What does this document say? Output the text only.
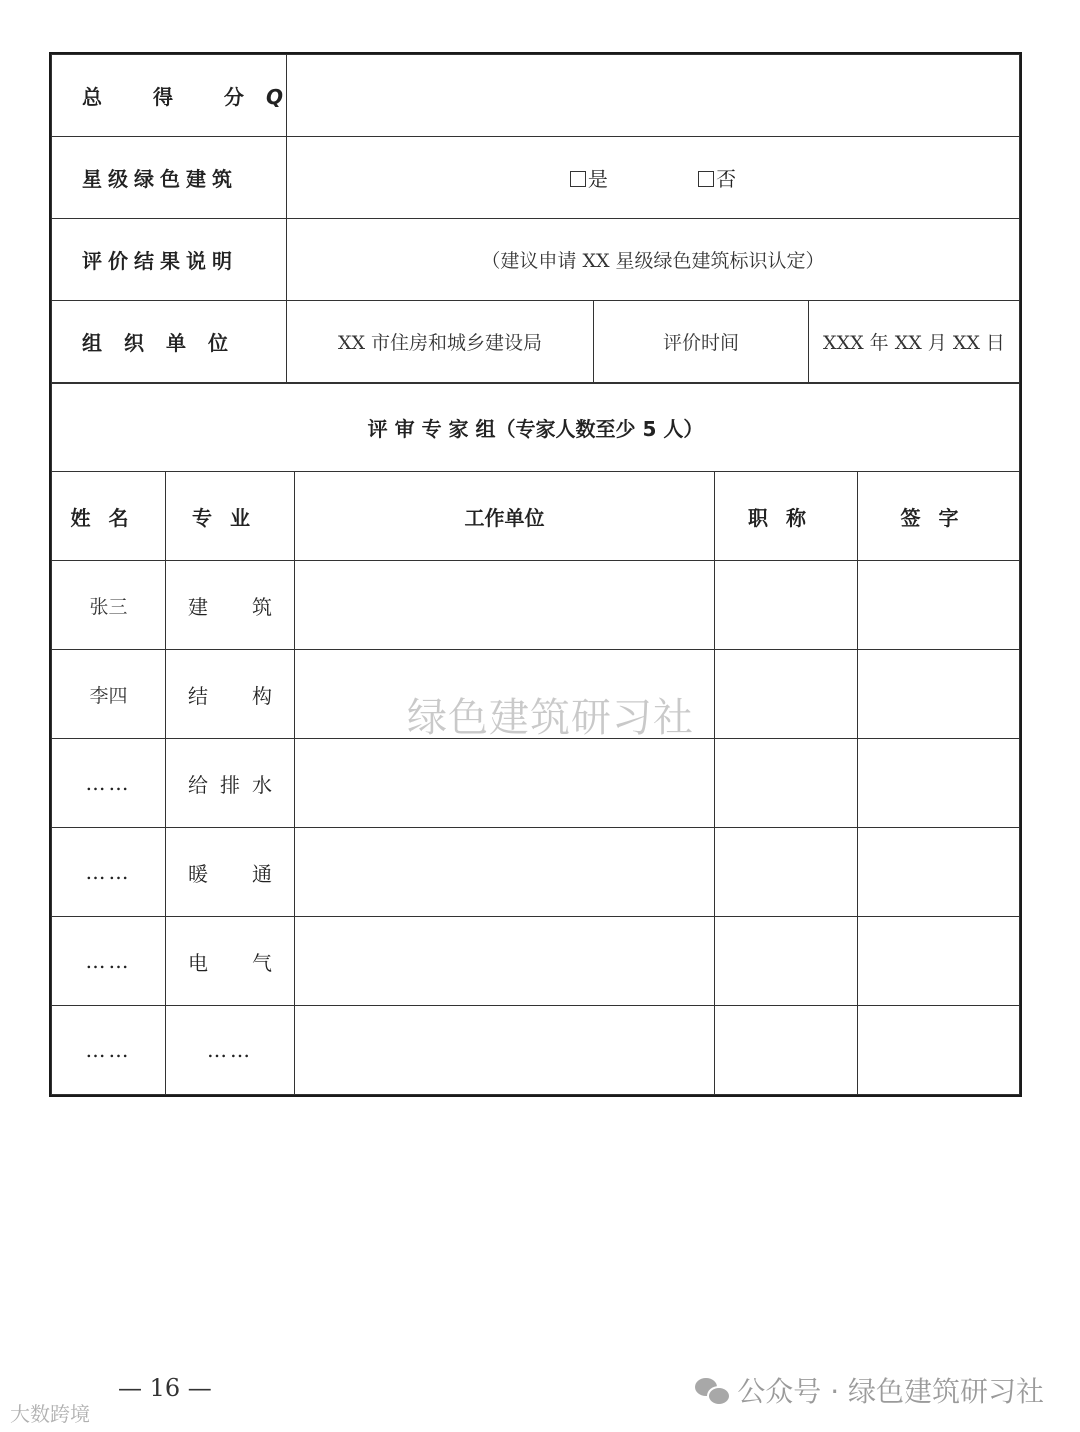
总 得 分Q			
星级绿色建筑	是 否		
评价结果说明	（建议申请 XX 星级绿色建筑标识认定）		
组织单位	XX 市住房和城乡建设局	评价时间	XXX 年 XX 月 XX 日
评 审 专 家 组（专家人数至少 5 人）				
姓名	专业	工作单位	职称	签字
张三	建 筑			

李四	结 构			

……	给 排 水			

……	暖 通			

……	电 气			

……	……			

绿色建筑研习社
— 16 —	公众号 · 绿色建筑研习社
大数跨境
